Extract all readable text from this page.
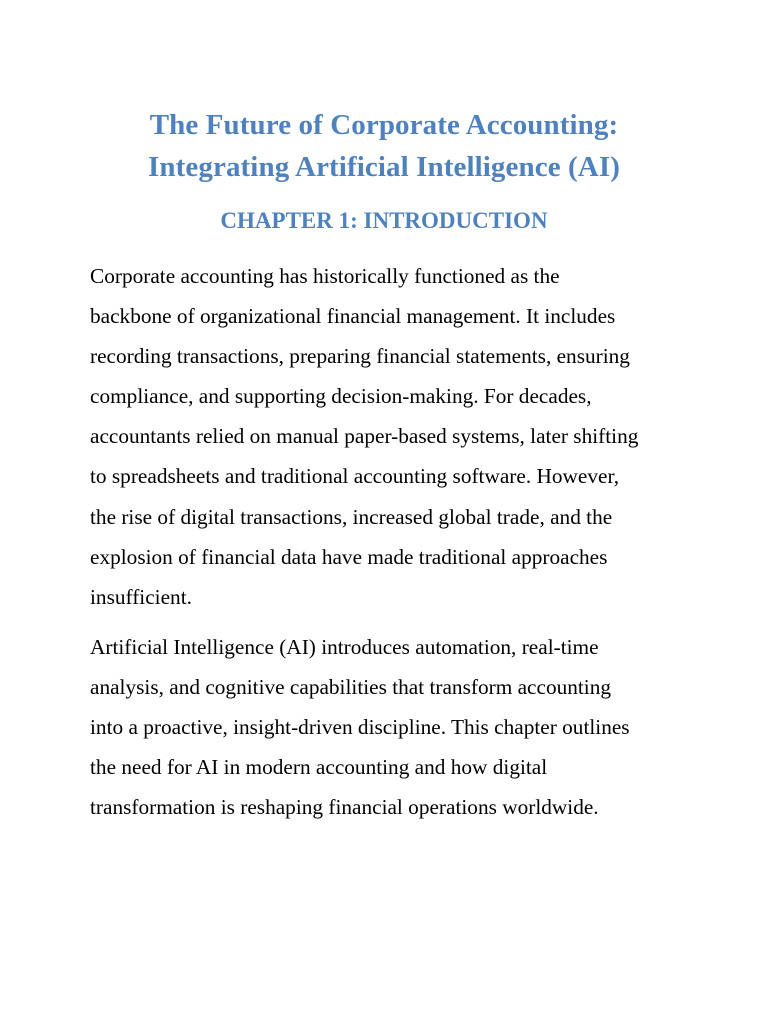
The Future of Corporate Accounting:
Integrating Artificial Intelligence (AI)
CHAPTER 1: INTRODUCTION

Corporate accounting has historically functioned as the
backbone of organizational financial management. It includes
recording transactions, preparing financial statements, ensuring
compliance, and supporting decision-making. For decades,
accountants relied on manual paper-based systems, later shifting
to spreadsheets and traditional accounting software. However,
the rise of digital transactions, increased global trade, and the
explosion of financial data have made traditional approaches
insufficient.

Artificial Intelligence (AI) introduces automation, real-time
analysis, and cognitive capabilities that transform accounting
into a proactive, insight-driven discipline. This chapter outlines
the need for AI in modern accounting and how digital
transformation is reshaping financial operations worldwide.
